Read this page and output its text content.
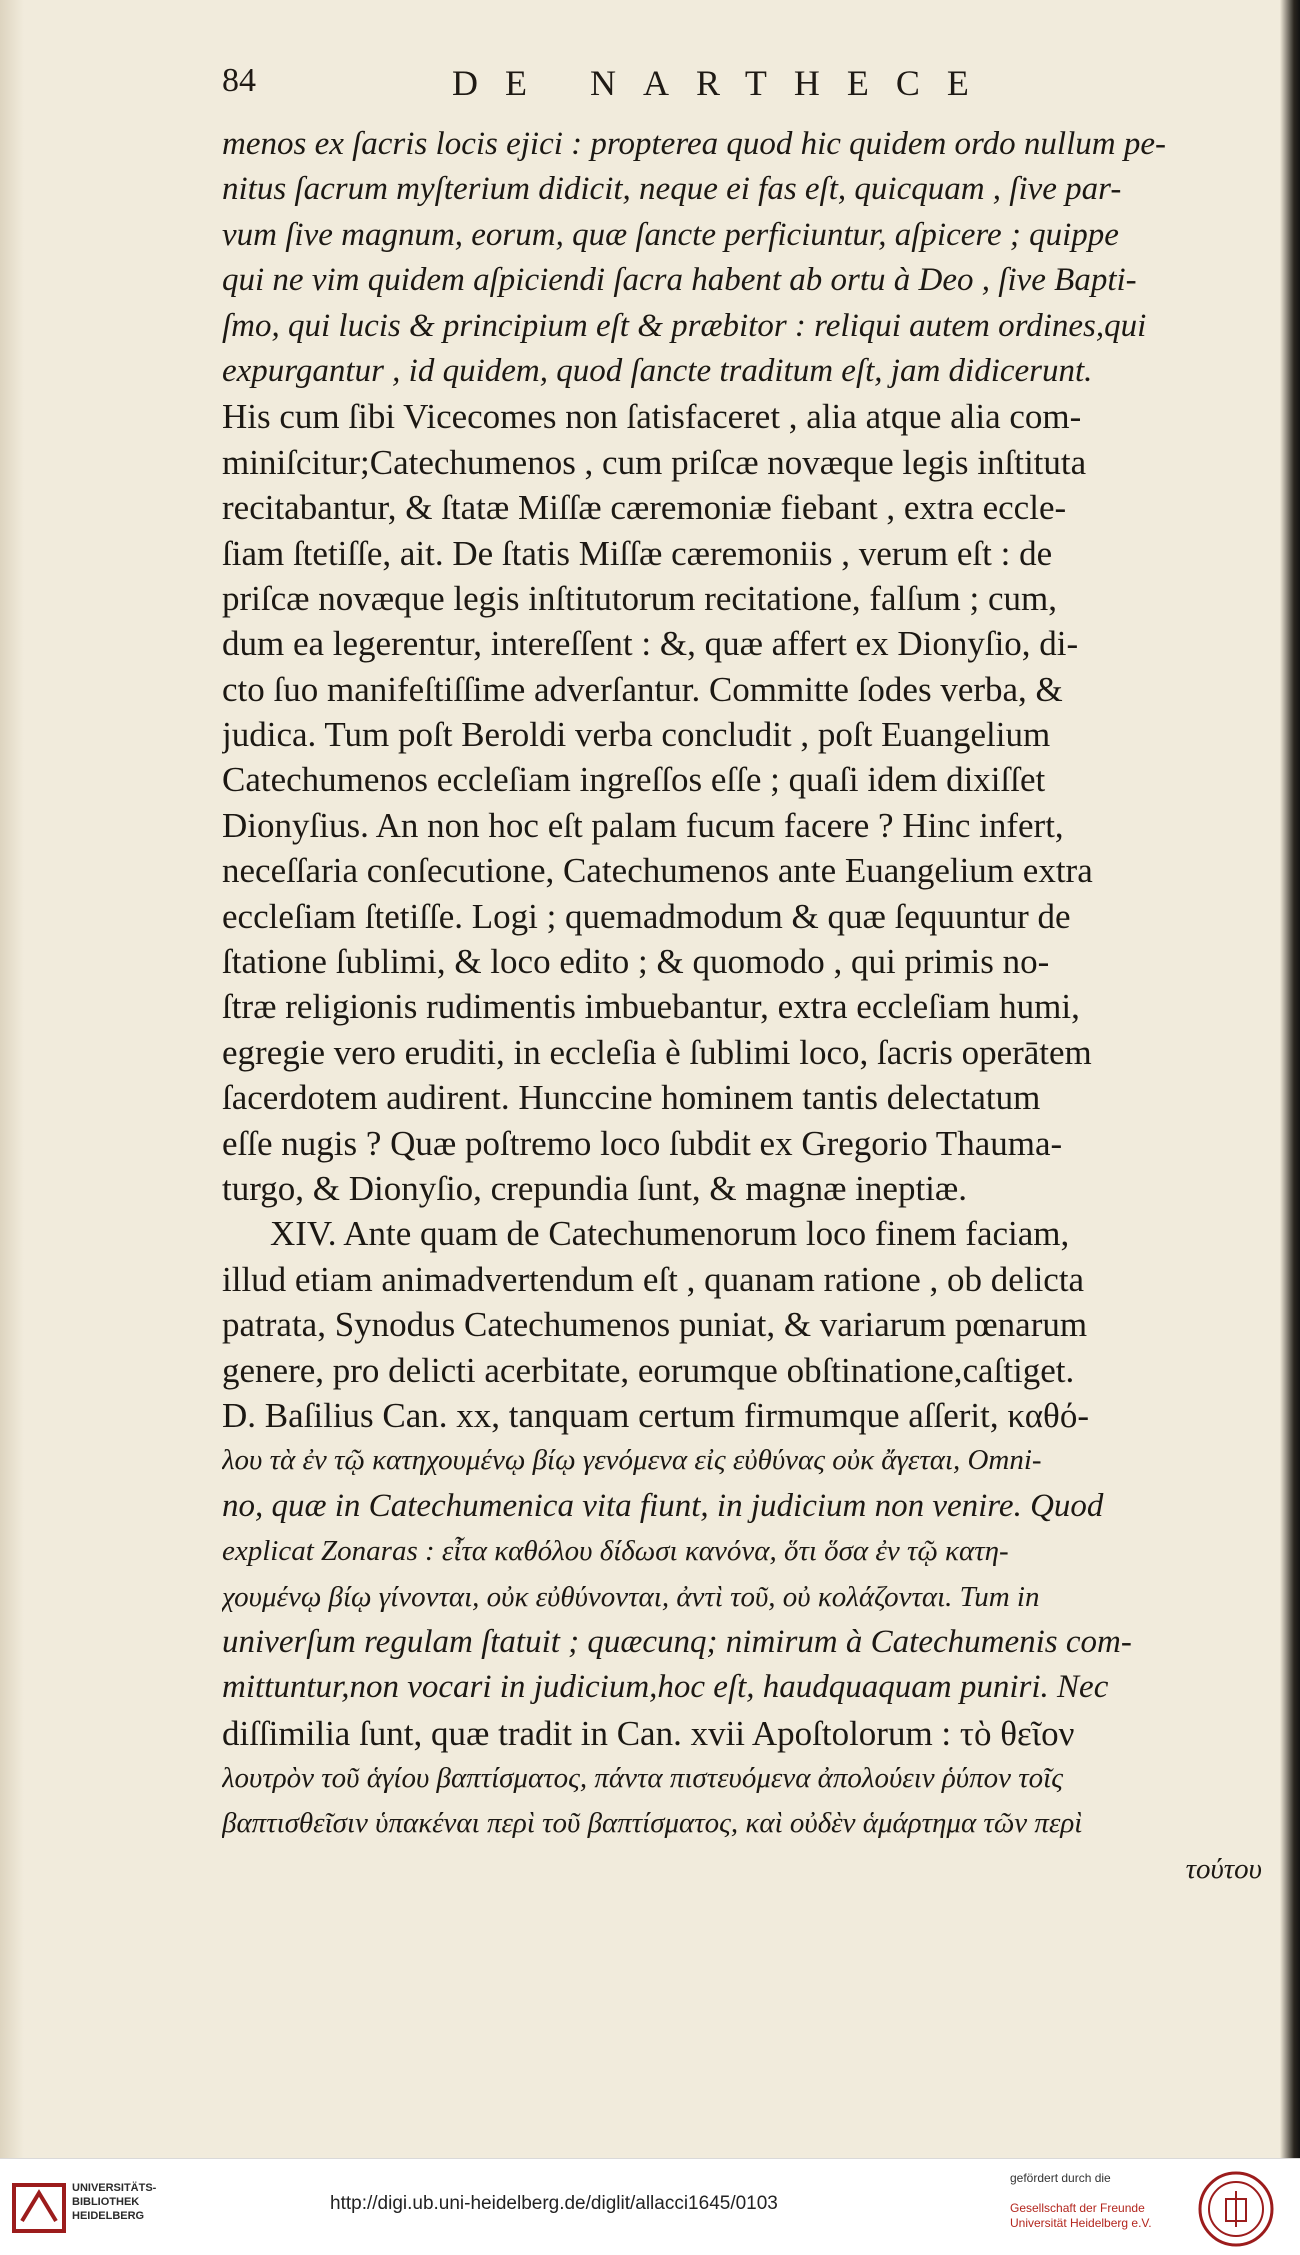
84	DE NARTHECE
menos ex ſacris locis ejici : propterea quod hic quidem ordo nullum pe-
nitus ſacrum myſterium didicit, neque ei fas eſt, quicquam , ſive par-
vum ſive magnum, eorum, quæ ſancte perficiuntur, aſpicere ; quippe
qui ne vim quidem aſpiciendi ſacra habent ab ortu à Deo , ſive Bapti-
ſmo, qui lucis & principium eſt & præbitor : reliqui autem ordines,qui
expurgantur , id quidem, quod ſancte traditum eſt, jam didicerunt.
His cum ſibi Vicecomes non ſatisfaceret , alia atque alia com-
miniſcitur;Catechumenos , cum priſcæ novæque legis inſtituta
recitabantur, & ſtatæ Miſſæ cæremoniæ fiebant , extra eccle-
ſiam ſtetiſſe, ait. De ſtatis Miſſæ cæremoniis , verum eſt : de
priſcæ novæque legis inſtitutorum recitatione, falſum ; cum,
dum ea legerentur, intereſſent : &, quæ affert ex Dionyſio, di-
cto ſuo manifeſtiſſime adverſantur. Committe ſodes verba, &
judica. Tum poſt Beroldi verba concludit , poſt Euangelium
Catechumenos eccleſiam ingreſſos eſſe ; quaſi idem dixiſſet
Dionyſius. An non hoc eſt palam fucum facere ? Hinc infert,
neceſſaria conſecutione, Catechumenos ante Euangelium extra
eccleſiam ſtetiſſe. Logi ; quemadmodum & quæ ſequuntur de
ſtatione ſublimi, & loco edito ; & quomodo , qui primis no-
ſtræ religionis rudimentis imbuebantur, extra eccleſiam humi,
egregie vero eruditi, in eccleſia è ſublimi loco, ſacris operātem
ſacerdotem audirent. Hunccine hominem tantis delectatum
eſſe nugis ? Quæ poſtremo loco ſubdit ex Gregorio Thauma-
turgo, & Dionyſio, crepundia ſunt, & magnæ ineptiæ.
XIV. Ante quam de Catechumenorum loco finem faciam,
illud etiam animadvertendum eſt , quanam ratione , ob delicta
patrata, Synodus Catechumenos puniat, & variarum pœnarum
genere, pro delicti acerbitate, eorumque obſtinatione,caſtiget.
D. Baſilius Can. xx, tanquam certum firmumque aſſerit, καθό-
λου τὰ ἐν τῷ κατηχουμένῳ βίῳ γενόμενα εἰς εὐθύνας οὐκ ἄγεται, Omni-
no, quæ in Catechumenica vita fiunt, in judicium non venire. Quod
explicat Zonaras : εἶτα καθόλου δίδωσι κανόνα, ὅτι ὅσα ἐν τῷ κατη-
χουμένῳ βίῳ γίνονται, οὐκ εὐθύνονται, ἀντὶ τοῦ, οὐ κολάζονται. Tum in
univerſum regulam ſtatuit ; quæcunq; nimirum à Catechumenis com-
mittuntur,non vocari in judicium,hoc eſt, haudquaquam puniri. Nec
diſſimilia ſunt, quæ tradit in Can. xvii Apoſtolorum : τὸ θεῖον
λουτρὸν τοῦ ἁγίου βαπτίσματος, πάντα πιστευόμενα ἀπολούειν ῥύπον τοῖς
βαπτισθεῖσιν ὑπακέναι περὶ τοῦ βαπτίσματος, καὶ οὐδὲν ἁμάρτημα τῶν περὶ
τούτου
UNIVERSITÄTS- BIBLIOTHEK HEIDELBERG
http://digi.ub.uni-heidelberg.de/diglit/allacci1645/0103
gefördert durch die
Gesellschaft der Freunde Universität Heidelberg e.V.
